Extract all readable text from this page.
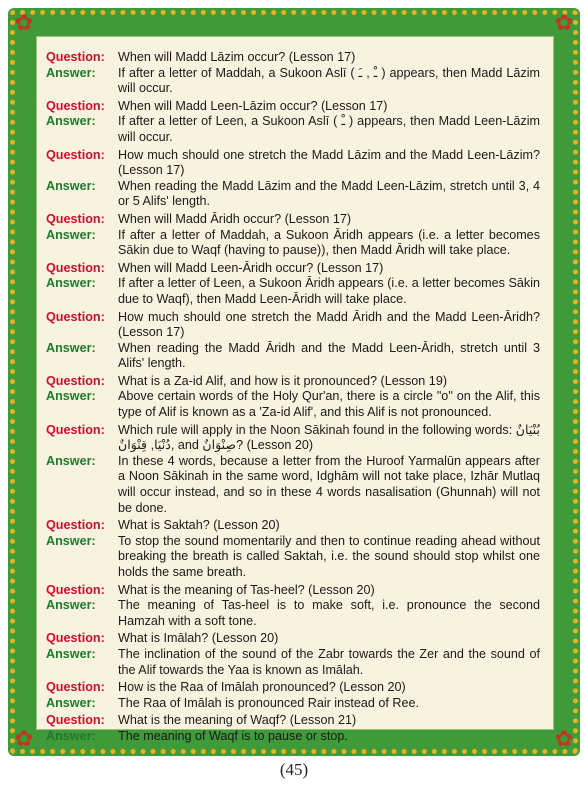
✿	✿
✿	✿
Question:	When will Madd Lāzim occur? (Lesson 17)
Answer:	If after a letter of Maddah, a Sukoon Aslī ( ﹿ , ﹷ ) appears, then Madd Lāzim will occur.
Question:	When will Madd Leen-Lāzim occur? (Lesson 17)
Answer:	If after a letter of Leen, a Sukoon Aslī ( ﹿ ) appears, then Madd Leen-Lāzim will occur.
Question:	How much should one stretch the Madd Lāzim and the Madd Leen-Lāzim? (Lesson 17)
Answer:	When reading the Madd Lāzim and the Madd Leen-Lāzim, stretch until 3, 4 or 5 Alifs' length.
Question:	When will Madd Āridh occur? (Lesson 17)
Answer:	If after a letter of Maddah, a Sukoon Āridh appears (i.e. a letter becomes Sākin due to Waqf (having to pause)), then Madd Āridh will take place.
Question:	When will Madd Leen-Āridh occur? (Lesson 17)
Answer:	If after a letter of Leen, a Sukoon Āridh appears (i.e. a letter becomes Sākin due to Waqf), then Madd Leen-Āridh will take place.
Question:	How much should one stretch the Madd Āridh and the Madd Leen-Āridh? (Lesson 17)
Answer:	When reading the Madd Āridh and the Madd Leen-Āridh, stretch until 3 Alifs' length.
Question:	What is a Za-id Alif, and how is it pronounced? (Lesson 19)
Answer:	Above certain words of the Holy Qur'an, there is a circle "o" on the Alif, this type of Alif is known as a 'Za-id Alif', and this Alif is not pronounced.
Question:	Which rule will apply in the Noon Sākinah found in the following words: بُنْيَانٌ ,دُنْيَا, قِنْوَانٌ and صِنْوَانٌ? (Lesson 20)
Answer:	In these 4 words, because a letter from the Huroof Yarmalūn appears after a Noon Sākinah in the same word, Idghām will not take place, Izhār Mutlaq will occur instead, and so in these 4 words nasalisation (Ghunnah) will not be done.
Question:	What is Saktah? (Lesson 20)
Answer:	To stop the sound momentarily and then to continue reading ahead without breaking the breath is called Saktah, i.e. the sound should stop whilst one holds the same breath.
Question:	What is the meaning of Tas-heel? (Lesson 20)
Answer:	The meaning of Tas-heel is to make soft, i.e. pronounce the second Hamzah with a soft tone.
Question:	What is Imālah? (Lesson 20)
Answer:	The inclination of the sound of the Zabr towards the Zer and the sound of the Alif towards the Yaa is known as Imālah.
Question:	How is the Raa of Imālah pronounced? (Lesson 20)
Answer:	The Raa of Imālah is pronounced Rair instead of Ree.
Question:	What is the meaning of Waqf? (Lesson 21)
Answer:	The meaning of Waqf is to pause or stop.
(45)
